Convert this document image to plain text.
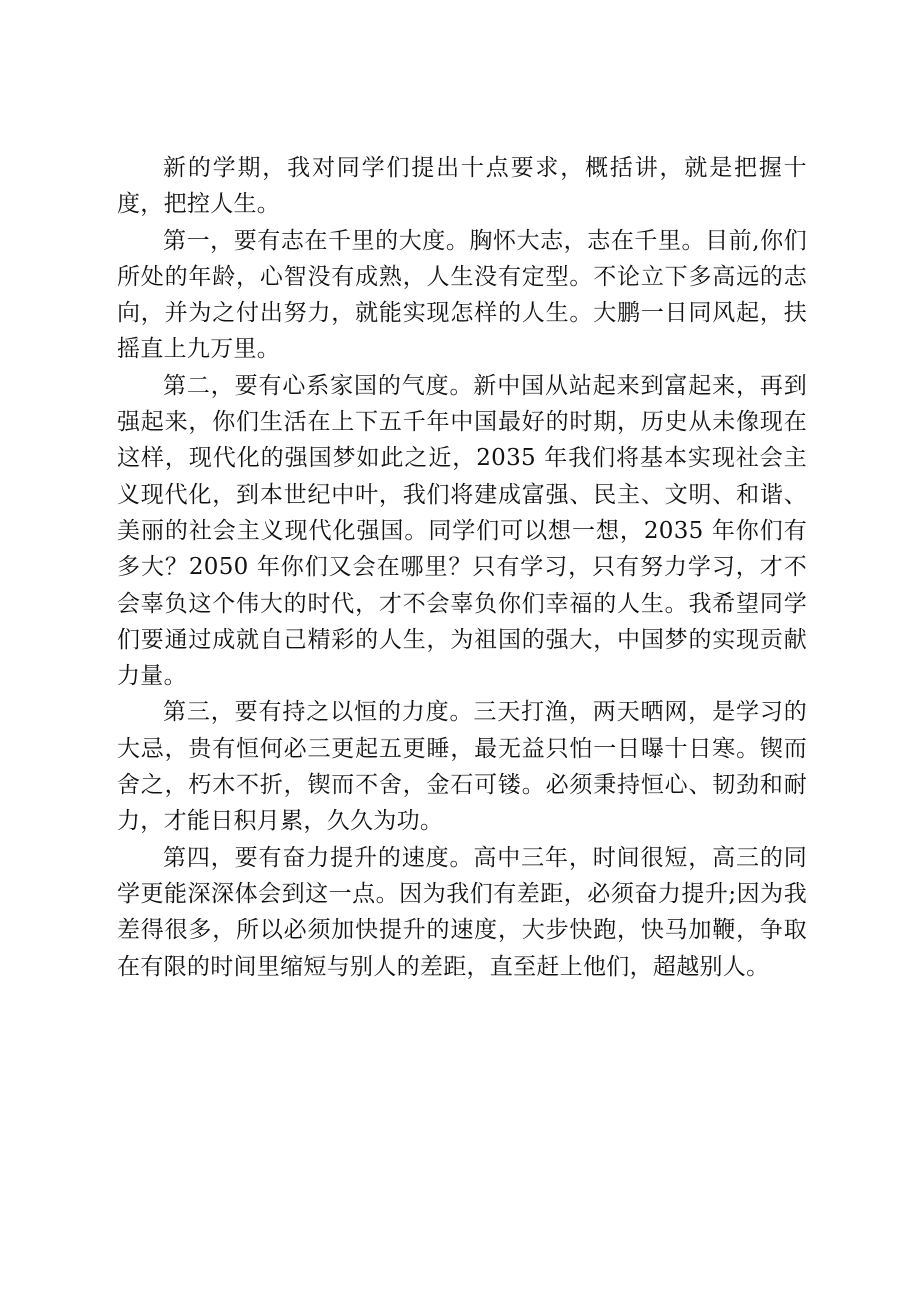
新的学期，我对同学们提出十点要求，概括讲，就是把握十度，把控人生。

第一，要有志在千里的大度。胸怀大志，志在千里。目前,你们所处的年龄，心智没有成熟，人生没有定型。不论立下多高远的志向，并为之付出努力，就能实现怎样的人生。大鹏一日同风起，扶摇直上九万里。

第二，要有心系家国的气度。新中国从站起来到富起来，再到强起来，你们生活在上下五千年中国最好的时期，历史从未像现在这样，现代化的强国梦如此之近，2035 年我们将基本实现社会主义现代化，到本世纪中叶，我们将建成富强、民主、文明、和谐、美丽的社会主义现代化强国。同学们可以想一想，2035 年你们有多大？2050 年你们又会在哪里？只有学习，只有努力学习，才不会辜负这个伟大的时代，才不会辜负你们幸福的人生。我希望同学们要通过成就自己精彩的人生，为祖国的强大，中国梦的实现贡献力量。

第三，要有持之以恒的力度。三天打渔，两天晒网，是学习的大忌，贵有恒何必三更起五更睡，最无益只怕一日曝十日寒。锲而舍之，朽木不折，锲而不舍，金石可镂。必须秉持恒心、韧劲和耐力，才能日积月累，久久为功。

第四，要有奋力提升的速度。高中三年，时间很短，高三的同学更能深深体会到这一点。因为我们有差距，必须奋力提升;因为我差得很多，所以必须加快提升的速度，大步快跑，快马加鞭，争取在有限的时间里缩短与别人的差距，直至赶上他们，超越别人。
